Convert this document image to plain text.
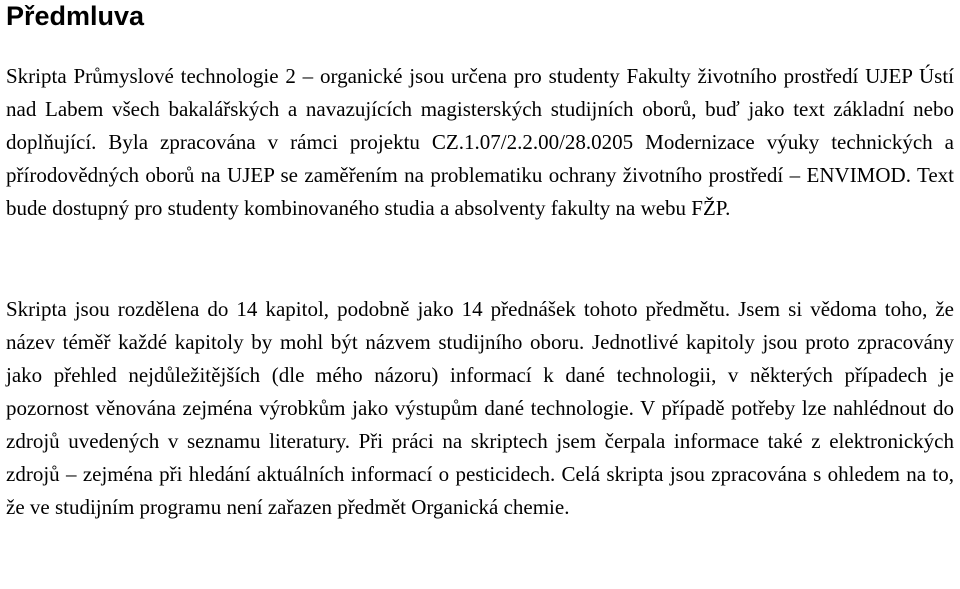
Předmluva

Skripta Průmyslové technologie 2 – organické jsou určena pro studenty Fakulty životního prostředí UJEP Ústí nad Labem všech bakalářských a navazujících magisterských studijních oborů, buď jako text základní nebo doplňující. Byla zpracována v rámci projektu CZ.1.07/2.2.00/28.0205 Modernizace výuky technických a přírodovědných oborů na UJEP se zaměřením na problematiku ochrany životního prostředí – ENVIMOD. Text bude dostupný pro studenty kombinovaného studia a absolventy fakulty na webu FŽP.

Skripta jsou rozdělena do 14 kapitol, podobně jako 14 přednášek tohoto předmětu. Jsem si vědoma toho, že název téměř každé kapitoly by mohl být názvem studijního oboru. Jednotlivé kapitoly jsou proto zpracovány jako přehled nejdůležitějších (dle mého názoru) informací k dané technologii, v některých případech je pozornost věnována zejména výrobkům jako výstupům dané technologie. V případě potřeby lze nahlédnout do zdrojů uvedených v seznamu literatury. Při práci na skriptech jsem čerpala informace také z elektronických zdrojů – zejména při hledání aktuálních informací o pesticidech. Celá skripta jsou zpracována s ohledem na to, že ve studijním programu není zařazen předmět Organická chemie.
